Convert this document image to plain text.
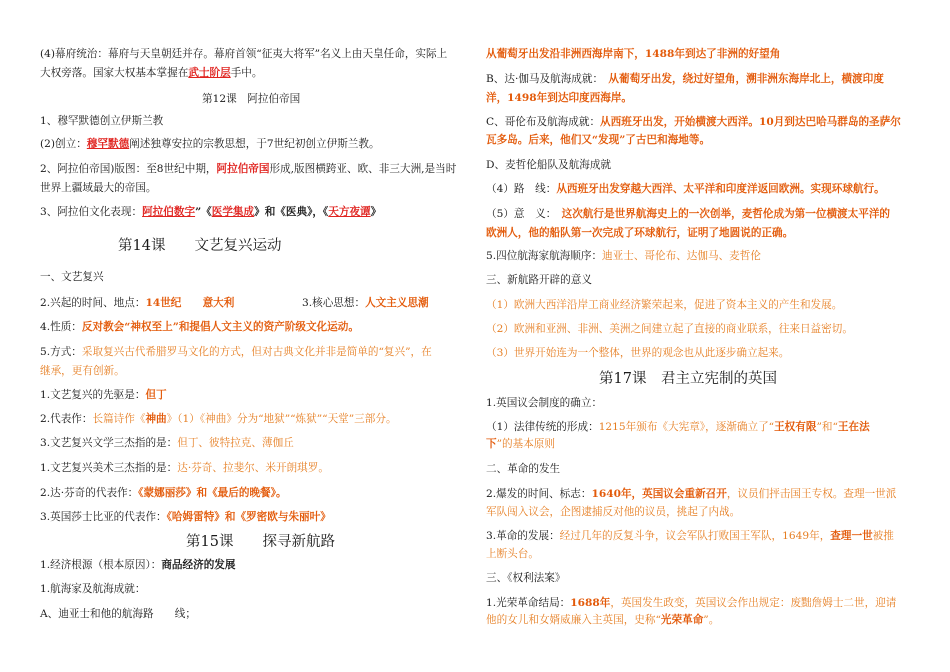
(4)幕府统治：幕府与天皇朝廷并存。幕府首领“征夷大将军”名义上由天皇任命，实际上
大权旁落。国家大权基本掌握在武士阶层手中。
第12课　阿拉伯帝国
1、穆罕默德创立伊斯兰教
(2)创立：穆罕默德阐述独尊安拉的宗教思想，于7世纪初创立伊斯兰教。
2、阿拉伯帝国)版图：至8世纪中期，阿拉伯帝国形成,版图横跨亚、欧、非三大洲,是当时
世界上疆域最大的帝国。
3、阿拉伯文化表现：阿拉伯数字”《医学集成》和《医典》，《天方夜谭》
第14课　　文艺复兴运动
一、文艺复兴
2.兴起的时间、地点：14世纪　　意大利	3.核心思想：人文主义思潮
4.性质：反对教会“神权至上”和提倡人文主义的资产阶级文化运动。
5.方式：采取复兴古代希腊罗马文化的方式，但对古典文化并非是简单的“复兴”，在
继承，更有创新。
1.文艺复兴的先驱是：但丁
2.代表作：长篇诗作《神曲》（1）《神曲》分为“地狱”“炼狱”“天堂”三部分。
3.文艺复兴文学三杰指的是：但丁、彼特拉克、薄伽丘
1.文艺复兴美术三杰指的是：达·芬奇、拉斐尔、米开朗琪罗。
2.达·芬奇的代表作：《蒙娜丽莎》和《最后的晚餐》。
3.英国莎士比亚的代表作：《哈姆雷特》和《罗密欧与朱丽叶》
第15课　　探寻新航路
1.经济根源（根本原因）：商品经济的发展
1.航海家及航海成就：
A、迪亚士和他的航海路　　线；
从葡萄牙出发沿非洲西海岸南下，1488年到达了非洲的好望角
B、达·伽马及航海成就：　从葡萄牙出发，绕过好望角，溯非洲东海岸北上，横渡印度
洋，1498年到达印度西海岸。
C、哥伦布及航海成就：从西班牙出发，开始横渡大西洋。10月到达巴哈马群岛的圣萨尔
瓦多岛。后来，他们又“发现”了古巴和海地等。
D、麦哲伦船队及航海成就
（4）路　线：从西班牙出发穿越大西洋、太平洋和印度洋返回欧洲。实现环球航行。
（5）意　义：　这次航行是世界航海史上的一次创举，麦哲伦成为第一位横渡太平洋的
欧洲人，他的船队第一次完成了环球航行，证明了地圆说的正确。
5.四位航海家航海顺序：迪亚士、哥伦布、达伽马、麦哲伦
三、新航路开辟的意义
（1）欧洲大西洋沿岸工商业经济繁荣起来，促进了资本主义的产生和发展。
（2）欧洲和亚洲、非洲、美洲之间建立起了直接的商业联系，往来日益密切。
（3）世界开始连为一个整体，世界的观念也从此逐步确立起来。
第17课　君主立宪制的英国
1.英国议会制度的确立：
（1）法律传统的形成：1215年颁布《大宪章》，逐渐确立了“王权有限”和“王在法
下”的基本原则
二、革命的发生
2.爆发的时间、标志：1640年，英国议会重新召开，议员们抨击国王专权。查理一世派
军队闯入议会，企图逮捕反对他的议员，挑起了内战。
3.革命的发展：经过几年的反复斗争，议会军队打败国王军队，1649年，查理一世被推
上断头台。
三、《权利法案》
1.光荣革命结局：1688年，英国发生政变，英国议会作出规定：废黜詹姆士二世，迎请
他的女儿和女婿威廉入主英国，史称“光荣革命”。
